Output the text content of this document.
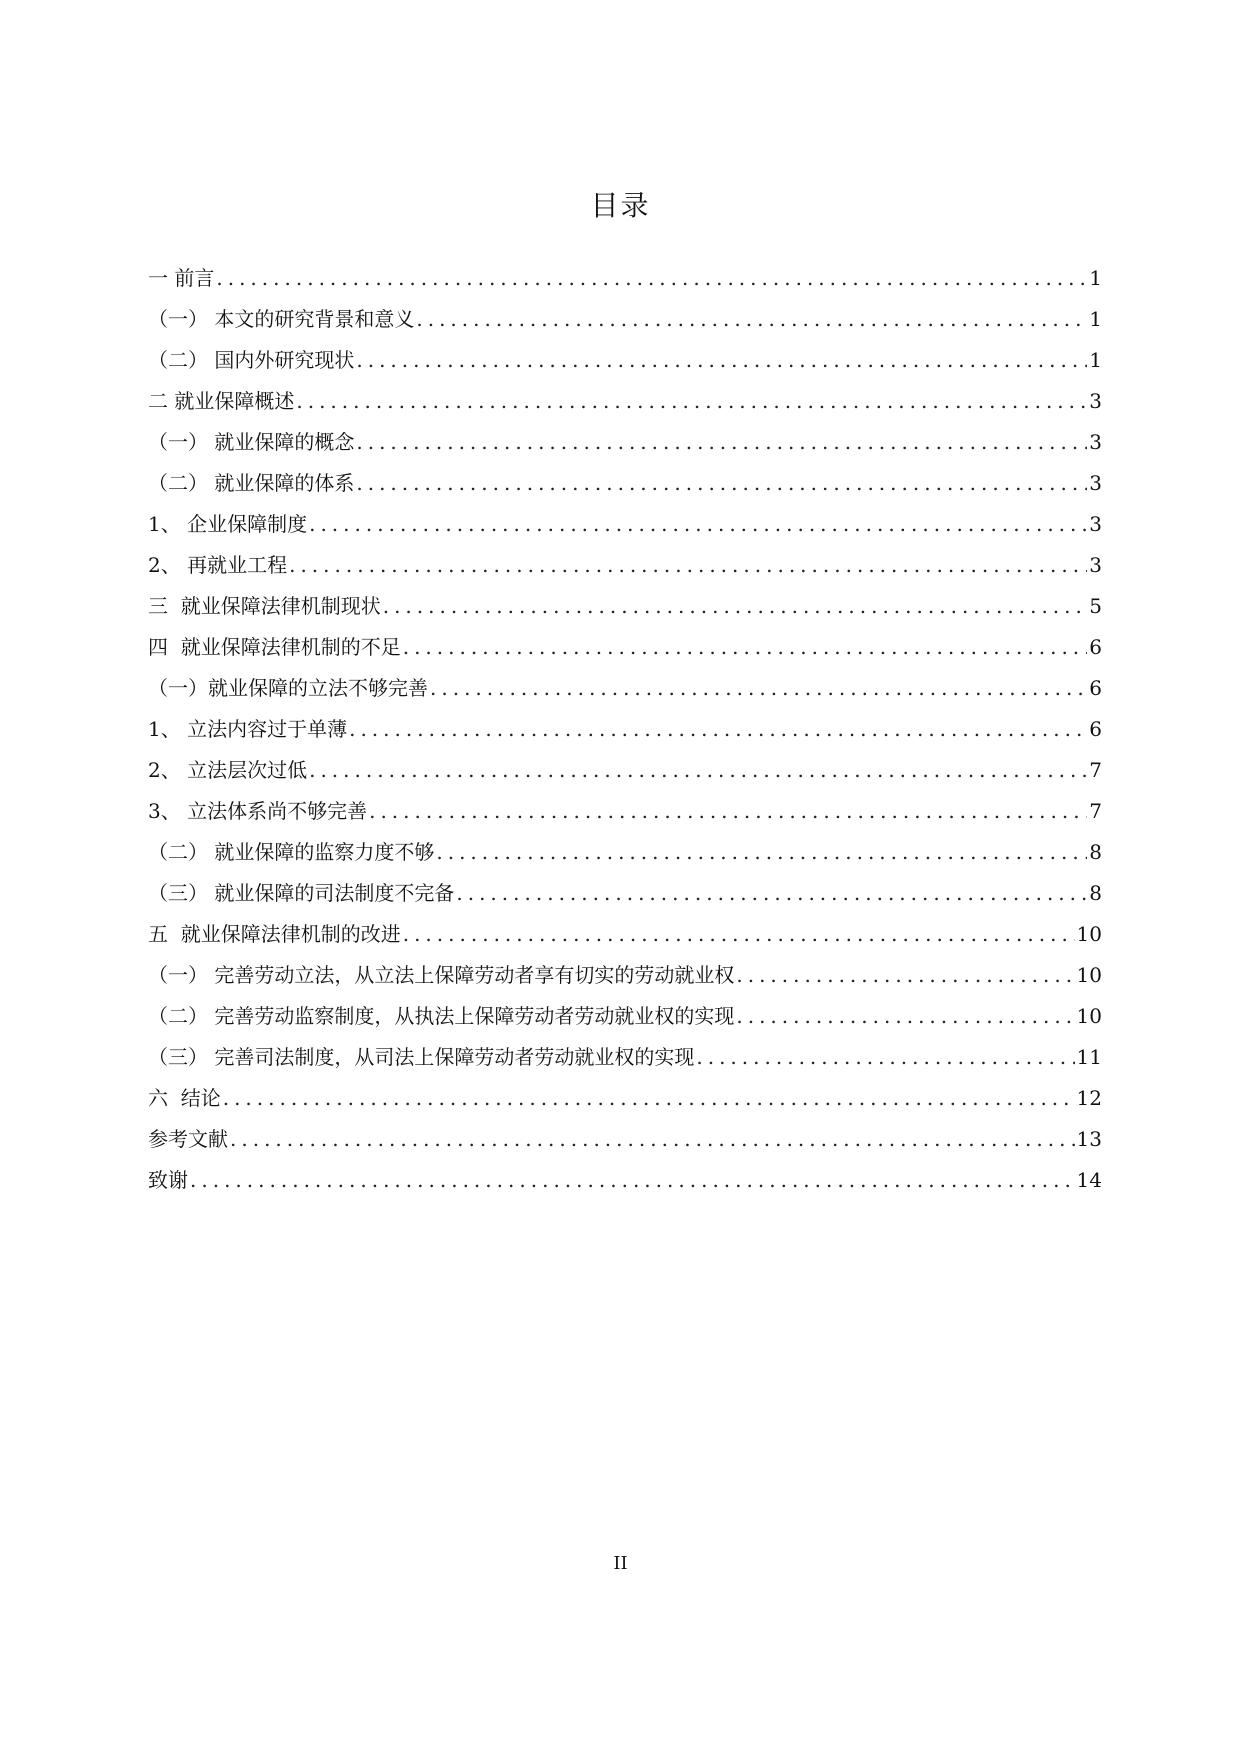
目录
一 前言 .....	1
（一） 本文的研究背景和意义 .....	1
（二） 国内外研究现状 .....	1
二 就业保障概述 .....	3
（一） 就业保障的概念 .....	3
（二） 就业保障的体系 .....	3
1、 企业保障制度 .....	3
2、 再就业工程 .....	3
三  就业保障法律机制现状 .....	5
四  就业保障法律机制的不足 .....	6
（一）就业保障的立法不够完善 .....	6
1、 立法内容过于单薄 .....	6
2、 立法层次过低 .....	7
3、 立法体系尚不够完善 .....	7
（二） 就业保障的监察力度不够 .....	8
（三） 就业保障的司法制度不完备 .....	8
五  就业保障法律机制的改进 .....	10
（一） 完善劳动立法，从立法上保障劳动者享有切实的劳动就业权 .....	10
（二） 完善劳动监察制度，从执法上保障劳动者劳动就业权的实现 .....	10
（三） 完善司法制度，从司法上保障劳动者劳动就业权的实现 .....	11
六  结论 .....	12
参考文献 .....	13
致谢 .....	14
II
